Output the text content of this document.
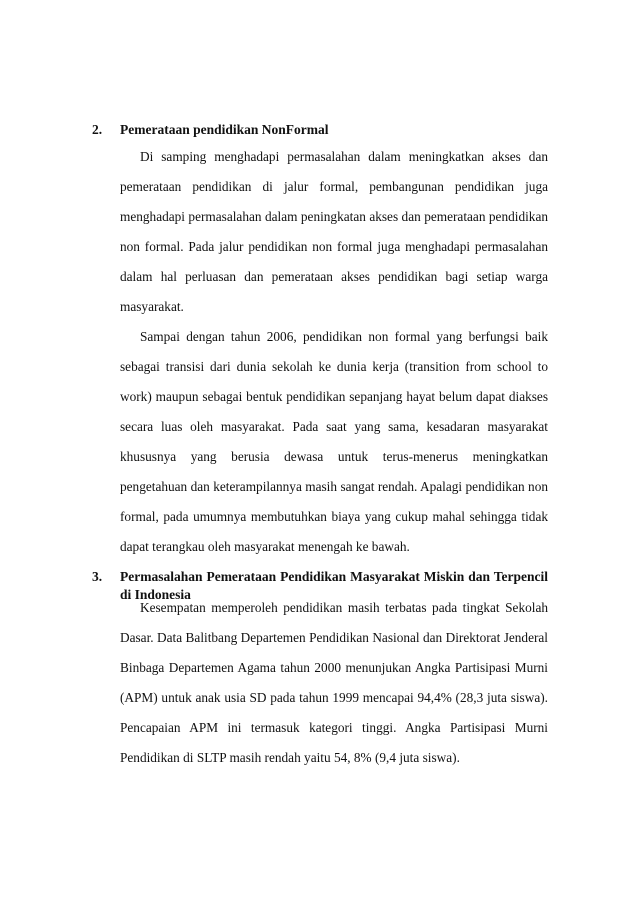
2. Pemerataan pendidikan NonFormal

Di samping menghadapi permasalahan dalam meningkatkan akses dan pemerataan pendidikan di jalur formal, pembangunan pendidikan juga menghadapi permasalahan dalam peningkatan akses dan pemerataan pendidikan non formal. Pada jalur pendidikan non formal juga menghadapi permasalahan dalam hal perluasan dan pemerataan akses pendidikan bagi setiap warga masyarakat.

Sampai dengan tahun 2006, pendidikan non formal yang berfungsi baik sebagai transisi dari dunia sekolah ke dunia kerja (transition from school to work) maupun sebagai bentuk pendidikan sepanjang hayat belum dapat diakses secara luas oleh masyarakat. Pada saat yang sama, kesadaran masyarakat khususnya yang berusia dewasa untuk terus-menerus meningkatkan pengetahuan dan keterampilannya masih sangat rendah. Apalagi pendidikan non formal, pada umumnya membutuhkan biaya yang cukup mahal sehingga tidak dapat terangkau oleh masyarakat menengah ke bawah.

3. Permasalahan Pemerataan Pendidikan Masyarakat Miskin dan Terpencil di Indonesia

Kesempatan memperoleh pendidikan masih terbatas pada tingkat Sekolah Dasar. Data Balitbang Departemen Pendidikan Nasional dan Direktorat Jenderal Binbaga Departemen Agama tahun 2000 menunjukan Angka Partisipasi Murni (APM) untuk anak usia SD pada tahun 1999 mencapai 94,4% (28,3 juta siswa). Pencapaian APM ini termasuk kategori tinggi. Angka Partisipasi Murni Pendidikan di SLTP masih rendah yaitu 54, 8% (9,4 juta siswa).
